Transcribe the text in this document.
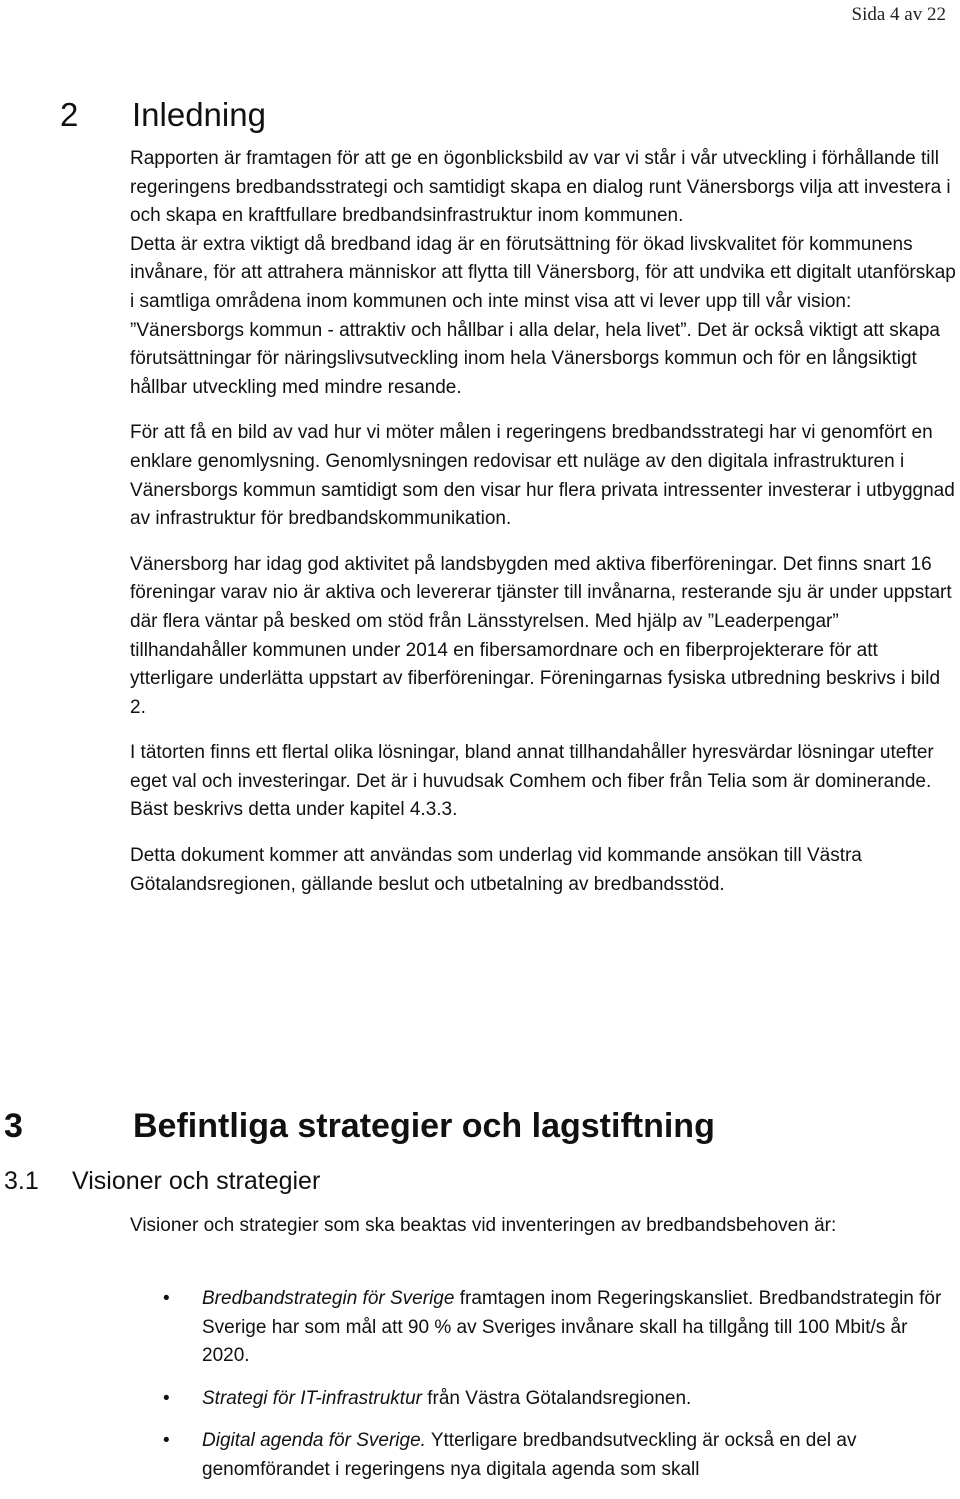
Sida 4 av 22
2 Inledning

Rapporten är framtagen för att ge en ögonblicksbild av var vi står i vår utveckling i förhållande till regeringens bredbandsstrategi och samtidigt skapa en dialog runt Vänersborgs vilja att investera i och skapa en kraftfullare bredbandsinfrastruktur inom kommunen.

Detta är extra viktigt då bredband idag är en förutsättning för ökad livskvalitet för kommunens invånare, för att attrahera människor att flytta till Vänersborg, för att undvika ett digitalt utanförskap i samtliga områdena inom kommunen och inte minst visa att vi lever upp till vår vision: ”Vänersborgs kommun - attraktiv och hållbar i alla delar, hela livet”. Det är också viktigt att skapa förutsättningar för näringslivsutveckling inom hela Vänersborgs kommun och för en långsiktigt hållbar utveckling med mindre resande.

För att få en bild av vad hur vi möter målen i regeringens bredbandsstrategi har vi genomfört en enklare genomlysning. Genomlysningen redovisar ett nuläge av den digitala infrastrukturen i Vänersborgs kommun samtidigt som den visar hur flera privata intressenter investerar i utbyggnad av infrastruktur för bredbandskommunikation.

Vänersborg har idag god aktivitet på landsbygden med aktiva fiberföreningar. Det finns snart 16 föreningar varav nio är aktiva och levererar tjänster till invånarna, resterande sju är under uppstart där flera väntar på besked om stöd från Länsstyrelsen. Med hjälp av ”Leaderpengar” tillhandahåller kommunen under 2014 en fibersamordnare och en fiberprojekterare för att ytterligare underlätta uppstart av fiberföreningar. Föreningarnas fysiska utbredning beskrivs i bild 2.

I tätorten finns ett flertal olika lösningar, bland annat tillhandahåller hyresvärdar lösningar utefter eget val och investeringar. Det är i huvudsak Comhem och fiber från Telia som är dominerande. Bäst beskrivs detta under kapitel 4.3.3.

Detta dokument kommer att användas som underlag vid kommande ansökan till Västra Götalandsregionen, gällande beslut och utbetalning av bredbandsstöd.

3	Befintliga strategier och lagstiftning
3.1 Visioner och strategier

Visioner och strategier som ska beaktas vid inventeringen av bredbandsbehoven är:

• Bredbandstrategin för Sverige framtagen inom Regeringskansliet. Bredbandstrategin för Sverige har som mål att 90 % av Sveriges invånare skall ha tillgång till 100 Mbit/s år 2020.
• Strategi för IT-infrastruktur från Västra Götalandsregionen.
• Digital agenda för Sverige. Ytterligare bredbandsutveckling är också en del av genomförandet i regeringens nya digitala agenda som skall
